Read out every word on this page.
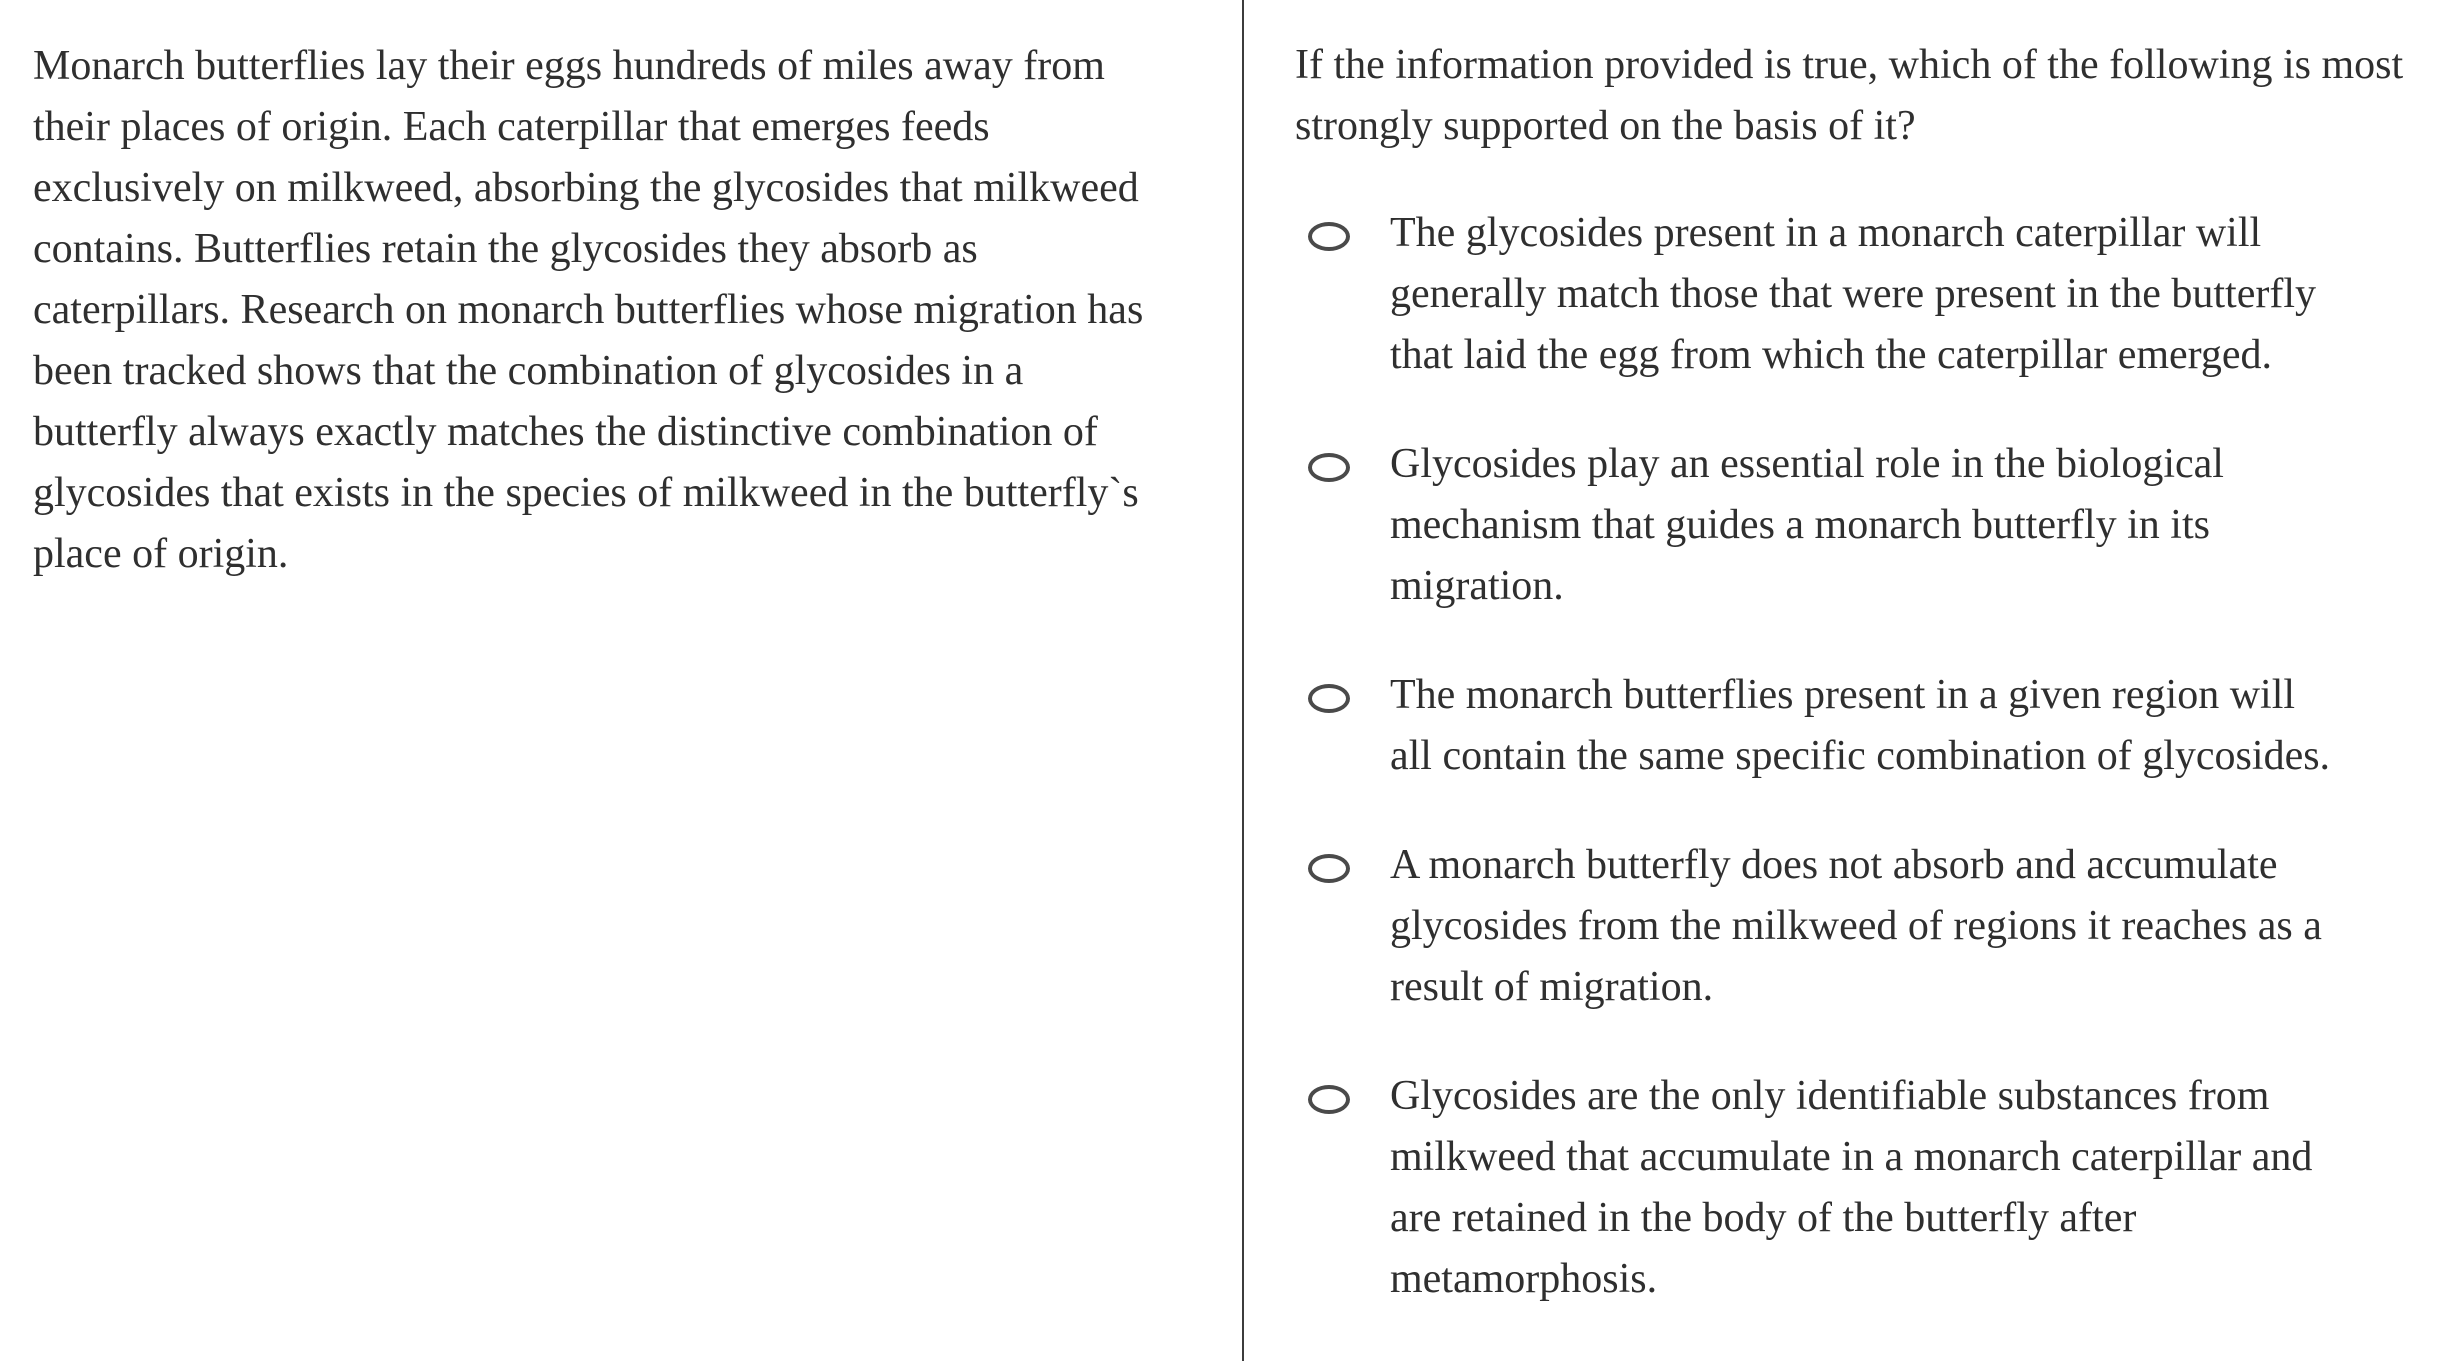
Monarch butterflies lay their eggs hundreds of miles away from their places of origin. Each caterpillar that emerges feeds exclusively on milkweed, absorbing the glycosides that milkweed contains. Butterflies retain the glycosides they absorb as caterpillars. Research on monarch butterflies whose migration has been tracked shows that the combination of glycosides in a butterfly always exactly matches the distinctive combination of glycosides that exists in the species of milkweed in the butterfly`s place of origin.

If the information provided is true, which of the following is most strongly supported on the basis of it?

The glycosides present in a monarch caterpillar will generally match those that were present in the butterfly that laid the egg from which the caterpillar emerged.

Glycosides play an essential role in the biological mechanism that guides a monarch butterfly in its migration.

The monarch butterflies present in a given region will all contain the same specific combination of glycosides.

A monarch butterfly does not absorb and accumulate glycosides from the milkweed of regions it reaches as a result of migration.

Glycosides are the only identifiable substances from milkweed that accumulate in a monarch caterpillar and are retained in the body of the butterfly after metamorphosis.
